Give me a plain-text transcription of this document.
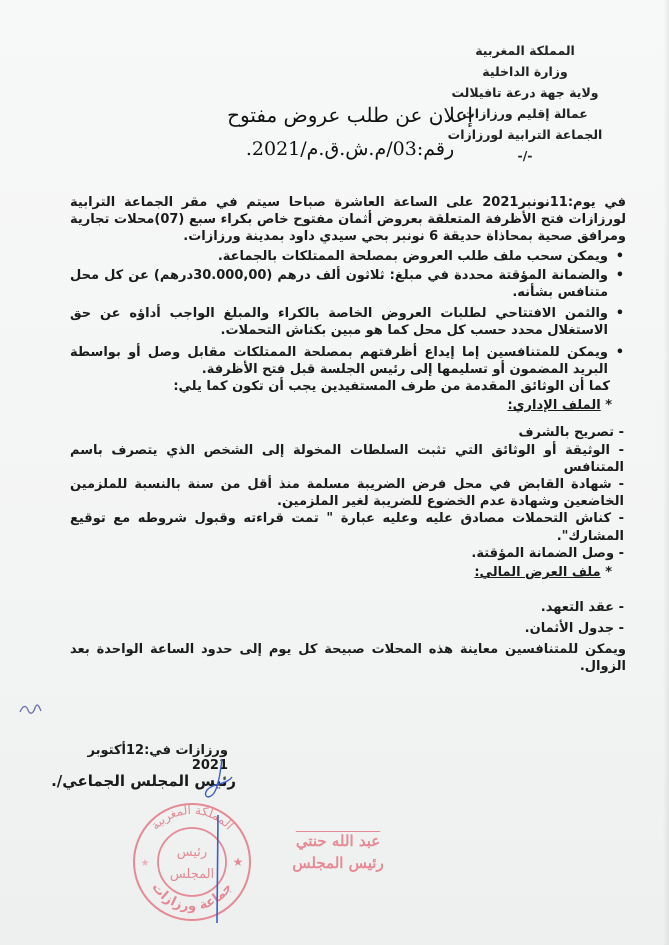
المملكة المغربية
وزارة الداخلية
ولاية جهة درعة تافيلالت
عمالة إقليم ورزازات
الجماعة الترابية لورزازات
-/-
إعلان عن طلب عروض مفتوح
رقم:03/م.ش.ق.م/2021.

في يوم:11نونبر2021 على الساعة العاشرة صباحا سيتم في مقر الجماعة الترابية لورزازات فتح الأظرفة المتعلقة بعروض أثمان مفتوح خاص بكراء سبع (07)محلات تجارية ومرافق صحية بمحاذاة حديقة 6 نونبر بحي سيدي داود بمدينة ورزازات.

• ويمكن سحب ملف طلب العروض بمصلحة الممتلكات بالجماعة.

• والضمانة المؤقتة محددة في مبلغ: ثلاثون ألف درهم (30.000,00درهم) عن كل محل متنافس بشأنه.

• والثمن الافتتاحي لطلبات العروض الخاصة بالكراء والمبلغ الواجب أداؤه عن حق الاستغلال محدد حسب كل محل كما هو مبين بكناش التحملات.

• ويمكن للمتنافسين إما إيداع أظرفتهم بمصلحة الممتلكات مقابل وصل أو بواسطة البريد المضمون أو تسليمها إلى رئيس الجلسة قبل فتح الأظرفة.

كما أن الوثائق المقدمة من طرف المستفيدين يجب أن تكون كما يلي:

* الملف الإداري:

- تصريح بالشرف

- الوثيقة أو الوثائق التي تثبت السلطات المخولة إلى الشخص الذي يتصرف باسم المتنافس

- شهادة القابض في محل فرض الضريبة مسلمة منذ أقل من سنة بالنسبة للملزمين الخاضعين وشهادة عدم الخضوع للضريبة لغير الملزمين.

- كناش التحملات مصادق عليه وعليه عبارة " تمت قراءته وقبول شروطه مع توقيع المشارك".

- وصل الضمانة المؤقتة.

* ملف العرض المالي:

- عقد التعهد.

- جدول الأثمان.

ويمكن للمتنافسين معاينة هذه المحلات صبيحة كل يوم إلى حدود الساعة الواحدة بعد الزوال.

ورزازات في:12أكتوبر 2021
رئيس المجلس الجماعي/.
رئيس
المجلس
★
★
المملكة المغربية
جماعة ورزازات
عبد الله حنتي
رئيس المجلس
